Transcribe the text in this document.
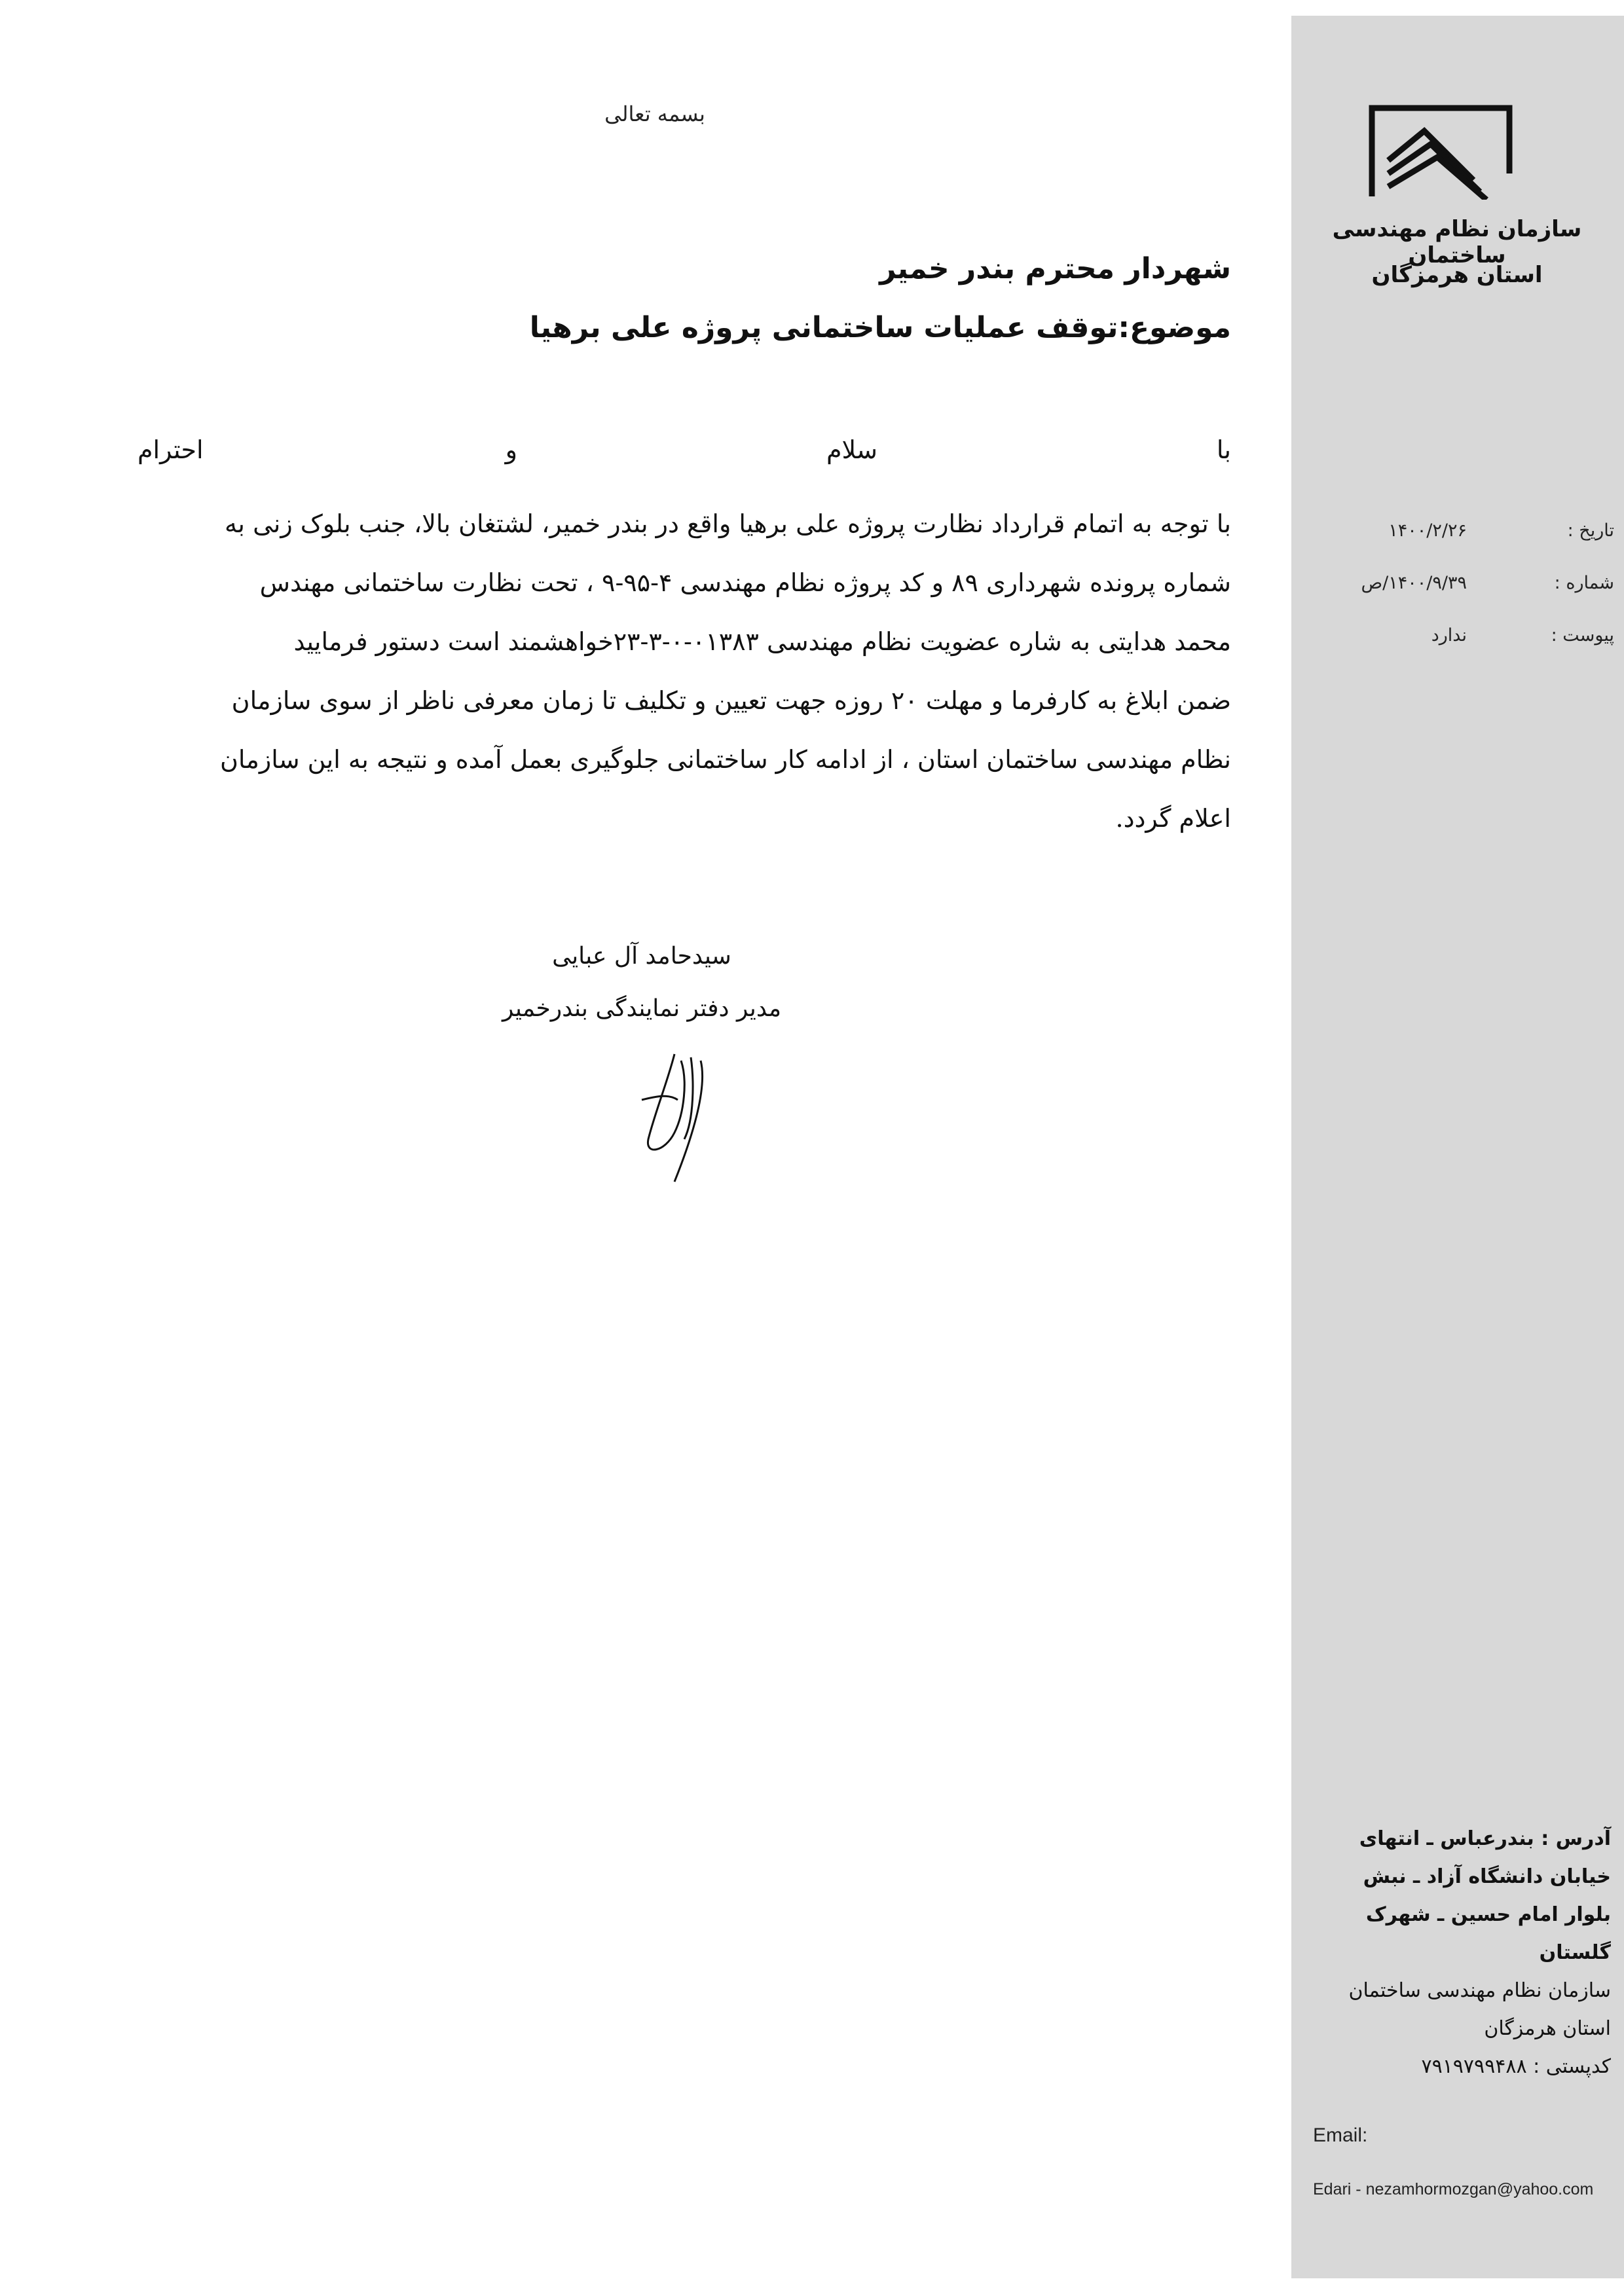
سازمان نظام مهندسی ساختمان
استان هرمزگان
تاریخ :
۱۴۰۰/۲/۲۶
شماره :
۱۴۰۰/۹/۳۹/ص
پیوست :
ندارد
بسمه تعالی
شهردار محترم بندر خمیر
موضوع:توقف عملیات ساختمانی پروژه علی برهیا
با
سلام
و
احترام
با توجه به اتمام قرارداد نظارت پروژه علی برهیا واقع در بندر خمیر، لشتغان بالا، جنب بلوک زنی به
شماره پرونده شهرداری ۸۹ و کد پروژه نظام مهندسی ۴-۹۵-۹ ، تحت نظارت ساختمانی مهندس
محمد هدایتی به شاره عضویت نظام مهندسی ۰۱۳۸۳-۰-۳-۲۳خواهشمند است دستور فرمایید
ضمن ابلاغ به کارفرما و مهلت ۲۰ روزه جهت تعیین و تکلیف تا زمان معرفی ناظر از سوی سازمان
نظام مهندسی ساختمان استان ، از ادامه کار ساختمانی جلوگیری بعمل آمده و نتیجه به این سازمان
اعلام گردد.
سیدحامد آل عبایی
مدیر دفتر نمایندگی بندرخمیر
آدرس : بندرعباس ـ انتهای
خیابان دانشگاه آزاد ـ نبش
بلوار امام حسین ـ شهرک
گلستان
سازمان نظام مهندسی ساختمان
استان هرمزگان
کدپستی : ۷۹۱۹۷۹۹۴۸۸
Email:
Edari - nezamhormozgan@yahoo.com
